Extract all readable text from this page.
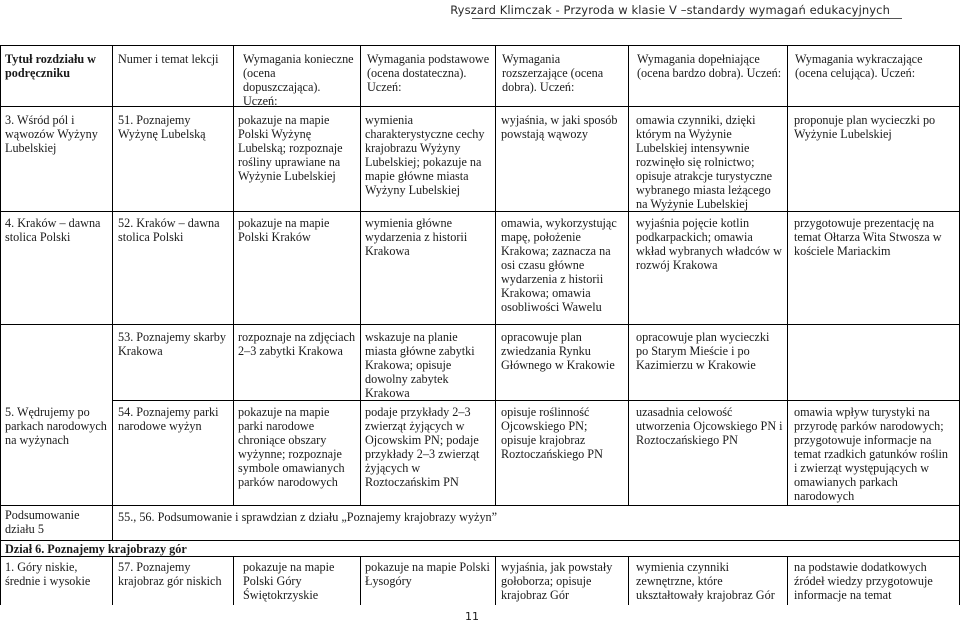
Ryszard Klimczak - Przyroda w klasie V –standardy wymagań edukacyjnych
Tytuł rozdziału w podręczniku
Numer i temat lekcji	Wymagania konieczne (ocena dopuszczająca). Uczeń:
Wymagania podstawowe (ocena dostateczna). Uczeń:
Wymagania rozszerzające (ocena dobra). Uczeń:
Wymagania dopełniające (ocena bardzo dobra). Uczeń:
Wymagania wykraczające (ocena celująca). Uczeń:
3. Wśród pól i wąwozów Wyżyny Lubelskiej
51. Poznajemy Wyżynę Lubelską
pokazuje na mapie Polski Wyżynę Lubelską; rozpoznaje rośliny uprawiane na Wyżynie Lubelskiej
wymienia charakterystyczne cechy krajobrazu Wyżyny Lubelskiej; pokazuje na mapie główne miasta Wyżyny Lubelskiej
wyjaśnia, w jaki sposób powstają wąwozy
omawia czynniki, dzięki którym na Wyżynie Lubelskiej intensywnie rozwinęło się rolnictwo; opisuje atrakcje turystyczne wybranego miasta leżącego na Wyżynie Lubelskiej
proponuje plan wycieczki po Wyżynie Lubelskiej
4. Kraków – dawna stolica Polski
52. Kraków – dawna stolica Polski
pokazuje na mapie Polski Kraków
wymienia główne wydarzenia z historii Krakowa
omawia, wykorzystując mapę, położenie Krakowa; zaznacza na osi czasu główne wydarzenia z historii Krakowa; omawia osobliwości Wawelu
wyjaśnia pojęcie kotlin podkarpackich; omawia wkład wybranych władców w rozwój Krakowa
przygotowuje prezentację na temat Ołtarza Wita Stwosza w kościele Mariackim
53. Poznajemy skarby Krakowa
rozpoznaje na zdjęciach 2–3 zabytki Krakowa
wskazuje na planie miasta główne zabytki Krakowa; opisuje dowolny zabytek Krakowa
opracowuje plan zwiedzania Rynku Głównego w Krakowie
opracowuje plan wycieczki po Starym Mieście i po Kazimierzu w Krakowie
5. Wędrujemy po parkach narodowych na wyżynach
54. Poznajemy parki narodowe wyżyn
pokazuje na mapie parki narodowe chroniące obszary wyżynne; rozpoznaje symbole omawianych parków narodowych
podaje przykłady 2–3 zwierząt żyjących w Ojcowskim PN; podaje przykłady 2–3 zwierząt żyjących w Roztoczańskim PN
opisuje roślinność Ojcowskiego PN; opisuje krajobraz Roztoczańskiego PN
uzasadnia celowość utworzenia Ojcowskiego PN i Roztoczańskiego PN
omawia wpływ turystyki na przyrodę parków narodowych; przygotowuje informacje na temat rzadkich gatunków roślin i zwierząt występujących w omawianych parkach narodowych
Podsumowanie działu 5
55., 56. Podsumowanie i sprawdzian z działu „Poznajemy krajobrazy wyżyn”
Dział 6. Poznajemy krajobrazy gór
1. Góry niskie, średnie i wysokie
57. Poznajemy krajobraz gór niskich
pokazuje na mapie Polski Góry Świętokrzyskie
pokazuje na mapie Polski Łysogóry
wyjaśnia, jak powstały gołoborza; opisuje krajobraz Gór
wymienia czynniki zewnętrzne, które ukształtowały krajobraz Gór
na podstawie dodatkowych źródeł wiedzy przygotowuje informacje na temat
11
